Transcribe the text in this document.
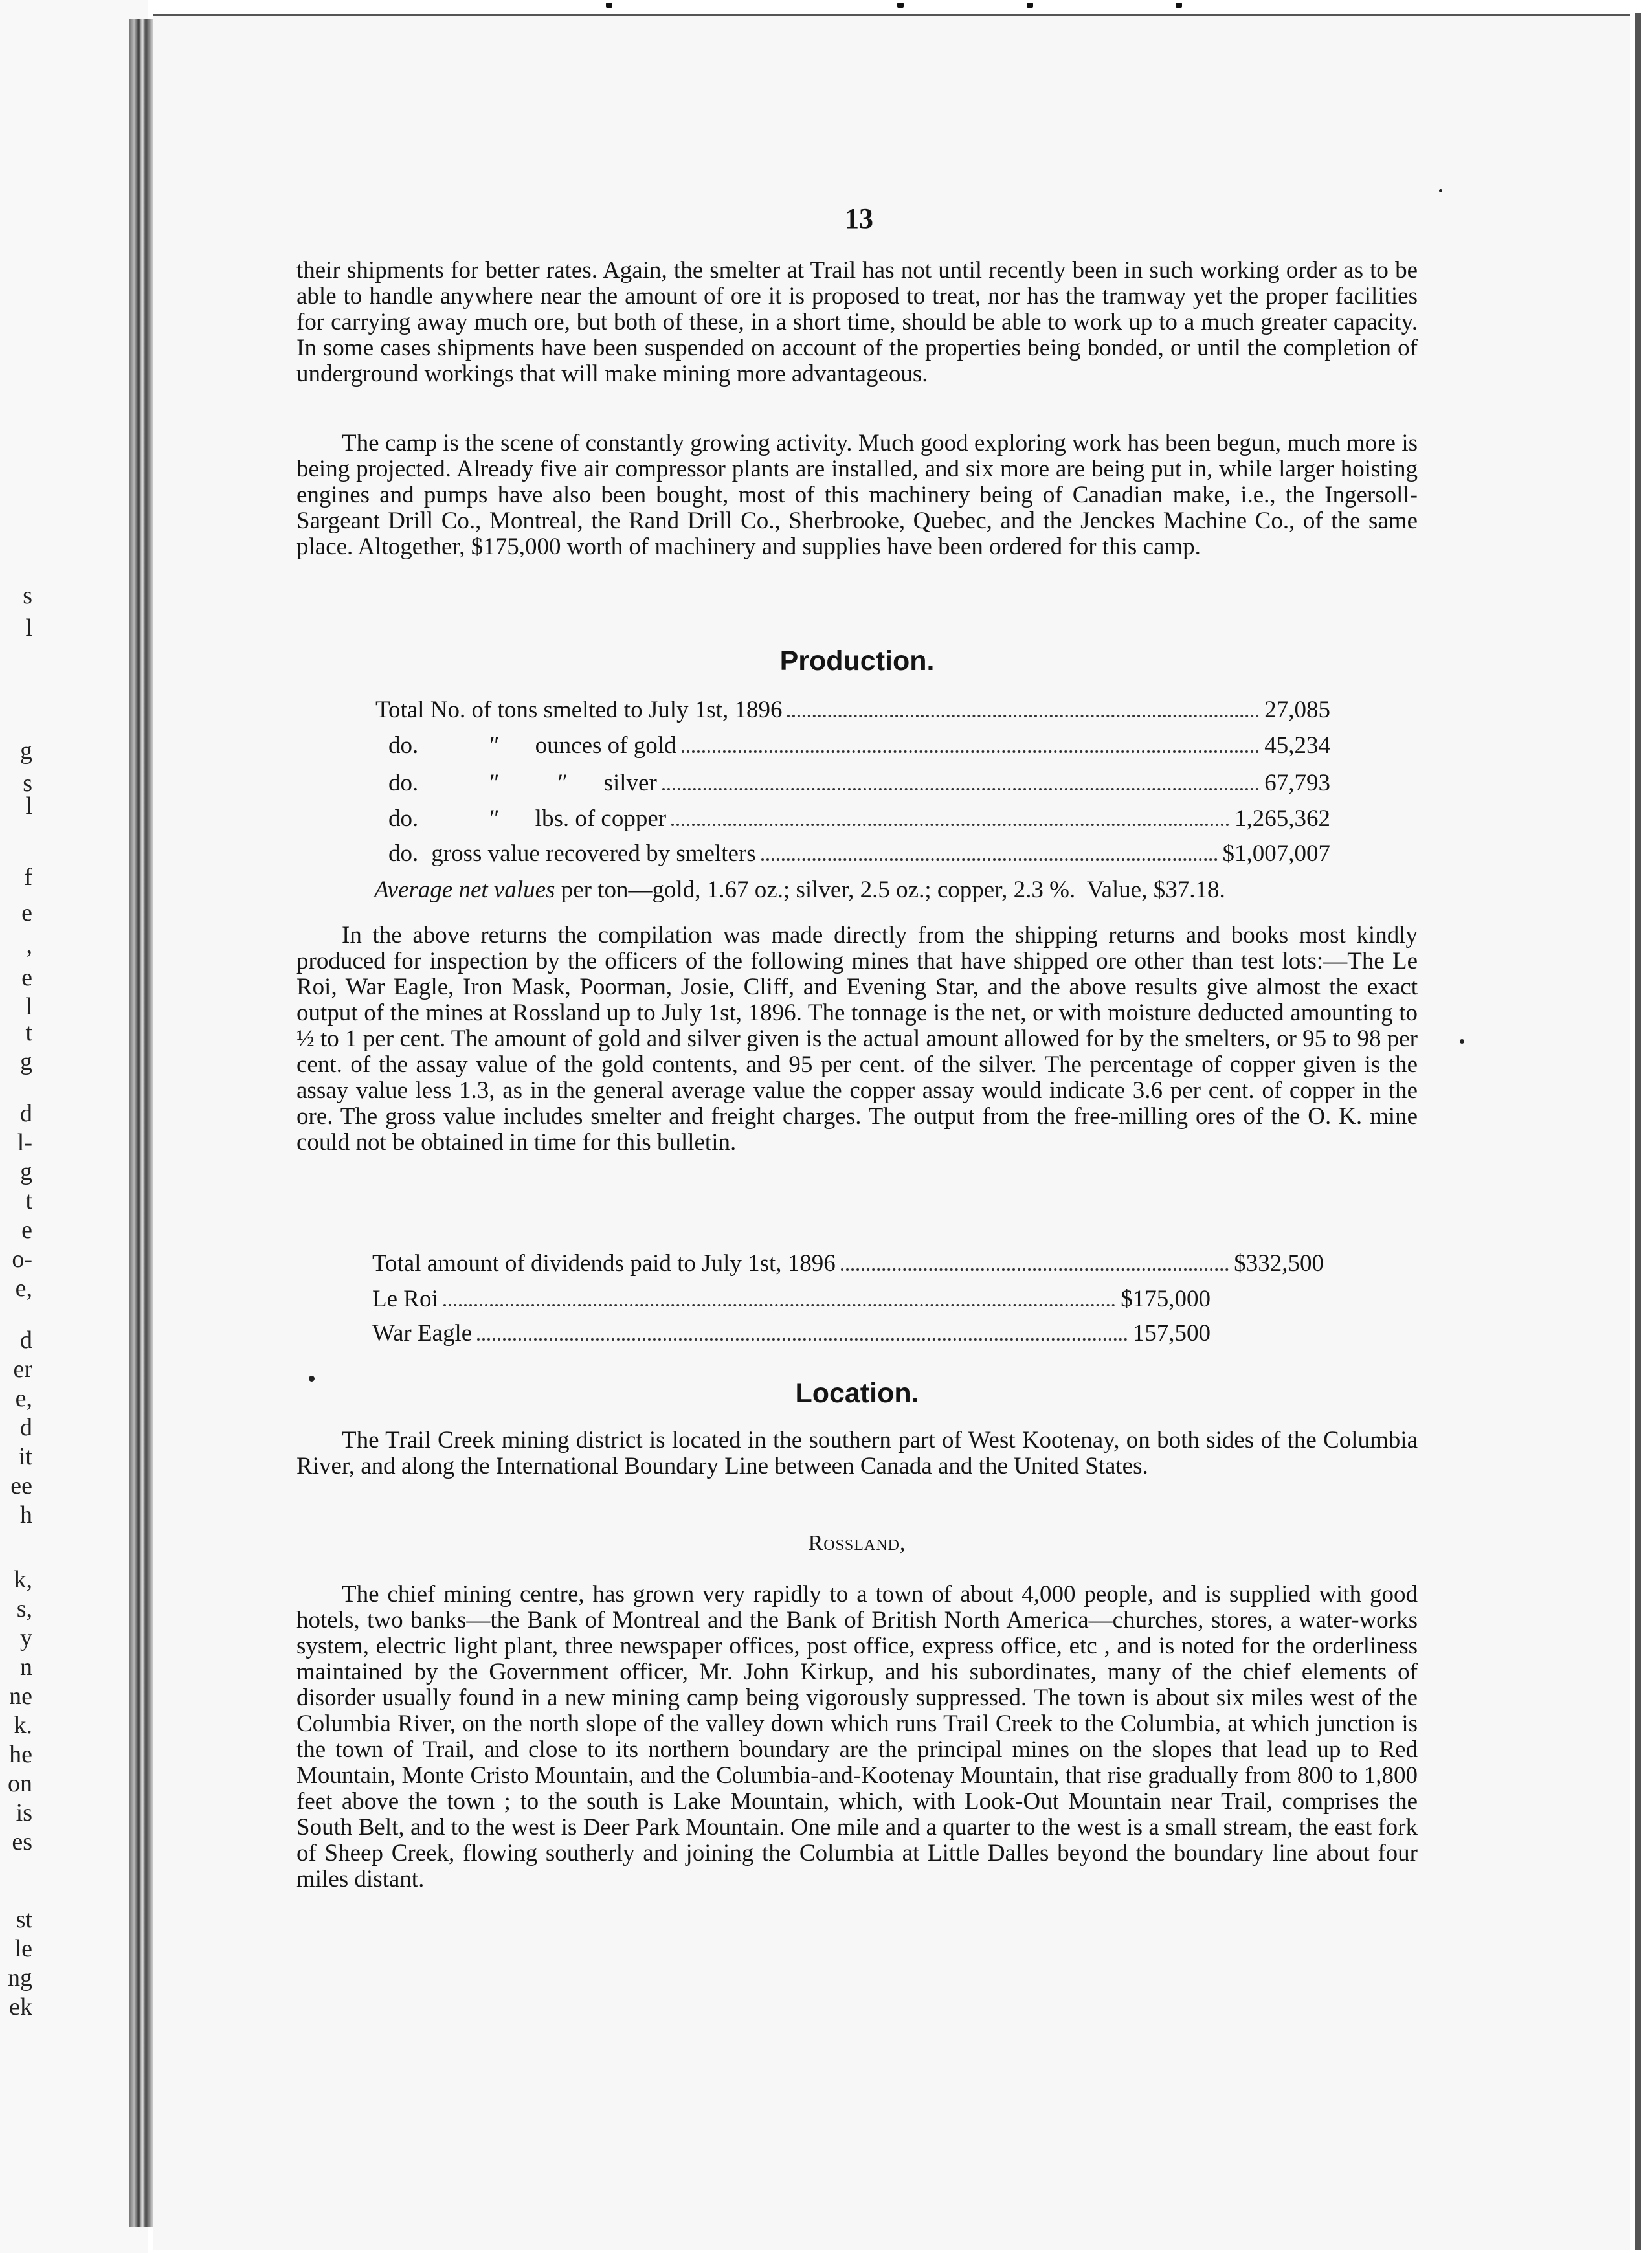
s
l
g
s
l
f
e
,
e
l
t
g
d
l-
g
t
e
o-
e,
d
er
e,
d
it
ee
h
k,
s,
y
n
ne
k.
he
on
is
es
st
le
ng
ek
13

their shipments for better rates. Again, the smelter at Trail has not until recently been in such working order as to be able to handle anywhere near the amount of ore it is proposed to treat, nor has the tramway yet the proper facilities for carrying away much ore, but both of these, in a short time, should be able to work up to a much greater capacity. In some cases shipments have been suspended on account of the properties being bonded, or until the completion of underground workings that will make mining more advantageous.

The camp is the scene of constantly growing activity. Much good exploring work has been begun, much more is being projected. Already five air compressor plants are installed, and six more are being put in, while larger hoisting engines and pumps have also been bought, most of this machinery being of Canadian make, i.e., the Ingersoll-Sargeant Drill Co., Montreal, the Rand Drill Co., Sherbrooke, Quebec, and the Jenckes Machine Co., of the same place. Altogether, $175,000 worth of machinery and supplies have been ordered for this camp.

Production.
Total No. of tons smelted to July 1st, 1896	27,085
do.	″ ounces of gold	45,234
do.	″ ″      silver	67,793
do.	″ lbs. of copper	1,265,362
do. gross value recovered by smelters	$1,007,007
Average net values per ton—gold, 1.67 oz.; silver, 2.5 oz.; copper, 2.3 %.  Value, $37.18.

In the above returns the compilation was made directly from the shipping returns and books most kindly produced for inspection by the officers of the following mines that have shipped ore other than test lots:—The Le Roi, War Eagle, Iron Mask, Poorman, Josie, Cliff, and Evening Star, and the above results give almost the exact output of the mines at Rossland up to July 1st, 1896. The tonnage is the net, or with moisture deducted amounting to ½ to 1 per cent. The amount of gold and silver given is the actual amount allowed for by the smelters, or 95 to 98 per cent. of the assay value of the gold contents, and 95 per cent. of the silver. The percentage of copper given is the assay value less 1.3, as in the general average value the copper assay would indicate 3.6 per cent. of copper in the ore. The gross value includes smelter and freight charges. The output from the free-milling ores of the O. K. mine could not be obtained in time for this bulletin.

Total amount of dividends paid to July 1st, 1896	$332,500
Le Roi	$175,000
War Eagle	157,500
Location.

The Trail Creek mining district is located in the southern part of West Kootenay, on both sides of the Columbia River, and along the International Boundary Line between Canada and the United States.

Rossland,

The chief mining centre, has grown very rapidly to a town of about 4,000 people, and is supplied with good hotels, two banks—the Bank of Montreal and the Bank of British North America—churches, stores, a water-works system, electric light plant, three newspaper offices, post office, express office, etc , and is noted for the orderliness maintained by the Government officer, Mr. John Kirkup, and his subordinates, many of the chief elements of disorder usually found in a new mining camp being vigorously suppressed. The town is about six miles west of the Columbia River, on the north slope of the valley down which runs Trail Creek to the Columbia, at which junction is the town of Trail, and close to its northern boundary are the principal mines on the slopes that lead up to Red Mountain, Monte Cristo Mountain, and the Columbia-and-Kootenay Mountain, that rise gradually from 800 to 1,800 feet above the town ; to the south is Lake Mountain, which, with Look-Out Mountain near Trail, comprises the South Belt, and to the west is Deer Park Mountain. One mile and a quarter to the west is a small stream, the east fork of Sheep Creek, flowing southerly and joining the Columbia at Little Dalles beyond the boundary line about four miles distant.
